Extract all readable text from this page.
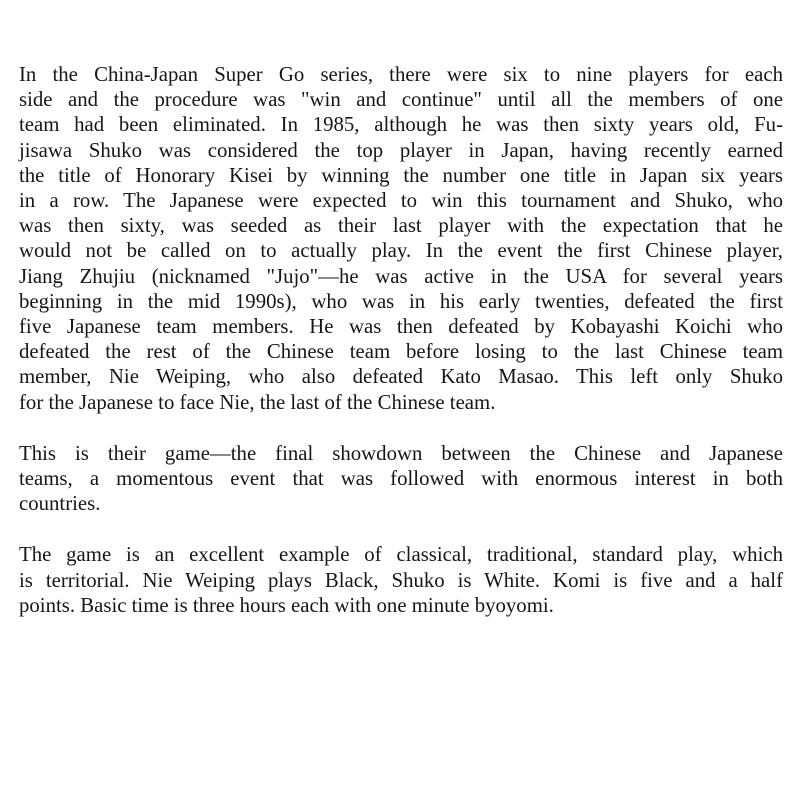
In the China-Japan Super Go series, there were six to nine players for each
side and the procedure was "win and continue" until all the members of one
team had been eliminated. In 1985, although he was then sixty years old, Fu-
jisawa Shuko was considered the top player in Japan, having recently earned
the title of Honorary Kisei by winning the number one title in Japan six years
in a row. The Japanese were expected to win this tournament and Shuko, who
was then sixty, was seeded as their last player with the expectation that he
would not be called on to actually play. In the event the first Chinese player,
Jiang Zhujiu (nicknamed "Jujo"—he was active in the USA for several years
beginning in the mid 1990s), who was in his early twenties, defeated the first
five Japanese team members. He was then defeated by Kobayashi Koichi who
defeated the rest of the Chinese team before losing to the last Chinese team
member, Nie Weiping, who also defeated Kato Masao. This left only Shuko
for the Japanese to face Nie, the last of the Chinese team.

This is their game—the final showdown between the Chinese and Japanese
teams, a momentous event that was followed with enormous interest in both
countries.

The game is an excellent example of classical, traditional, standard play, which
is territorial. Nie Weiping plays Black, Shuko is White. Komi is five and a half
points. Basic time is three hours each with one minute byoyomi.
